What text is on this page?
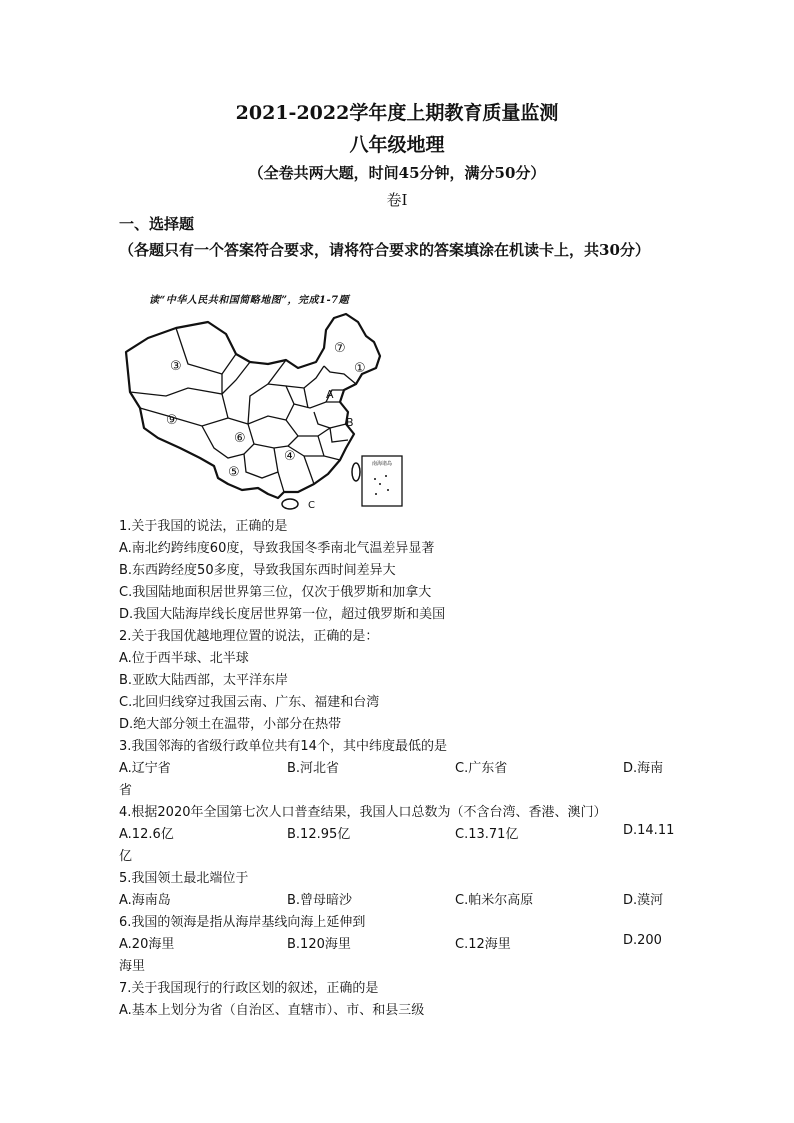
2021-2022学年度上期教育质量监测
八年级地理
（全卷共两大题，时间45分钟，满分50分）
卷I
一、选择题
（各题只有一个答案符合要求，请将符合要求的答案填涂在机读卡上，共30分）
读“中华人民共和国简略地图”，完成1-7题
南海诸岛
③
⑦
①
A
B
⑨
⑥
④
⑤
C
1.关于我国的说法，正确的是
A.南北约跨纬度60度，导致我国冬季南北气温差异显著
B.东西跨经度50多度，导致我国东西时间差异大
C.我国陆地面积居世界第三位，仅次于俄罗斯和加拿大
D.我国大陆海岸线长度居世界第一位，超过俄罗斯和美国
2.关于我国优越地理位置的说法，正确的是：
A.位于西半球、北半球
B.亚欧大陆西部，太平洋东岸
C.北回归线穿过我国云南、广东、福建和台湾
D.绝大部分领土在温带，小部分在热带
3.我国邻海的省级行政单位共有14个，其中纬度最低的是
A.辽宁省	B.河北省	C.广东省	D.海南
省
4.根据2020年全国第七次人口普查结果，我国人口总数为（不含台湾、香港、澳门）
A.12.6亿	B.12.95亿	C.13.71亿	D.14.11
亿
5.我国领土最北端位于
A.海南岛	B.曾母暗沙	C.帕米尔高原	D.漠河
6.我国的领海是指从海岸基线向海上延伸到
A.20海里	B.120海里	C.12海里	D.200
海里
7.关于我国现行的行政区划的叙述，正确的是
A.基本上划分为省（自治区、直辖市）、市、和县三级
